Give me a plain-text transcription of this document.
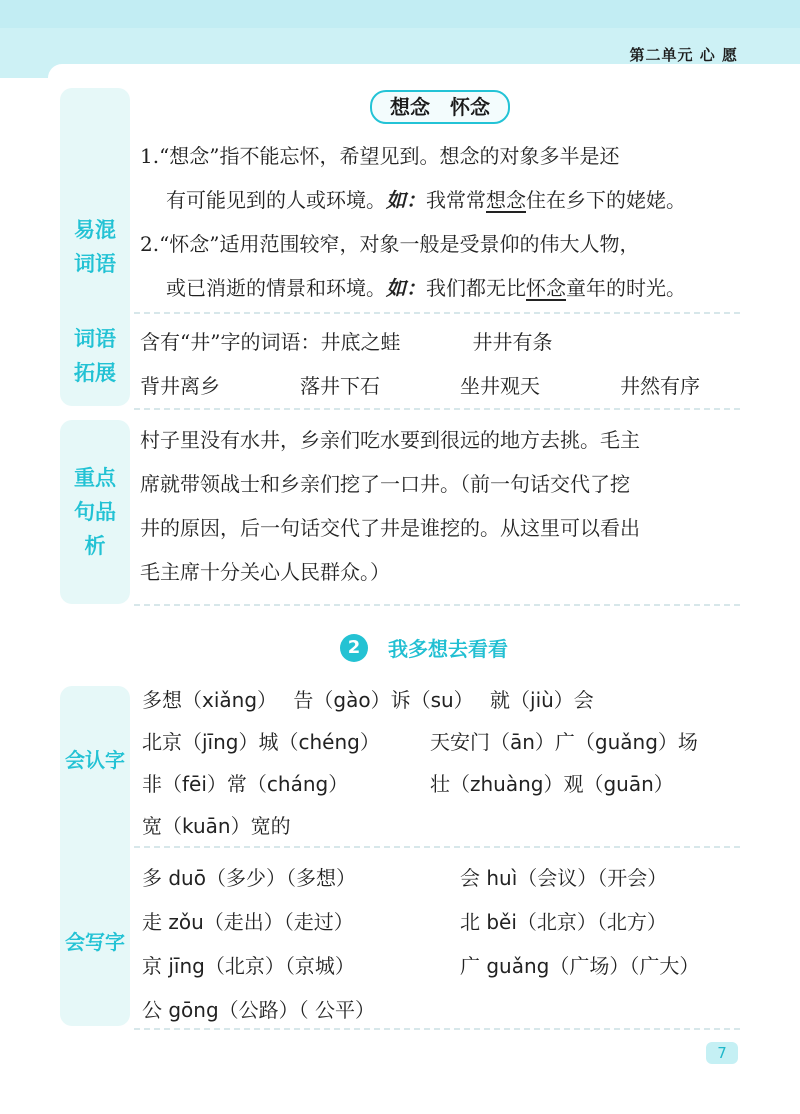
第二单元 心 愿
易混词语
重点句品析
会认字
会写字
词语拓展
想念　怀念
1.“想念”指不能忘怀，希望见到。想念的对象多半是还
有可能见到的人或环境。如：我常常想念住在乡下的姥姥。
2.“怀念”适用范围较窄，对象一般是受景仰的伟大人物，
或已消逝的情景和环境。如：我们都无比怀念童年的时光。
含有“井”字的词语：井底之蛙	井井有条
背井离乡	落井下石	坐井观天	井然有序
村子里没有水井，乡亲们吃水要到很远的地方去挑。毛主
席就带领战士和乡亲们挖了一口井。（前一句话交代了挖
井的原因，后一句话交代了井是谁挖的。从这里可以看出
毛主席十分关心人民群众。）
2	我多想去看看
多想（xiǎng）　 告（gào）诉（su）　 就（jiù）会
北京（jīng）城（chéng）	天安门（ān）广（guǎng）场
非（fēi）常（cháng）	壮（zhuàng）观（guān）
宽（kuān）宽的
多 duō（多少）（多想）	会 huì（会议）（开会）
走 zǒu（走出）（走过）	北 běi（北京）（北方）
京 jīng（北京）（京城）	广 guǎng（广场）（广大）
公 gōng（公路）（ 公平）
7
